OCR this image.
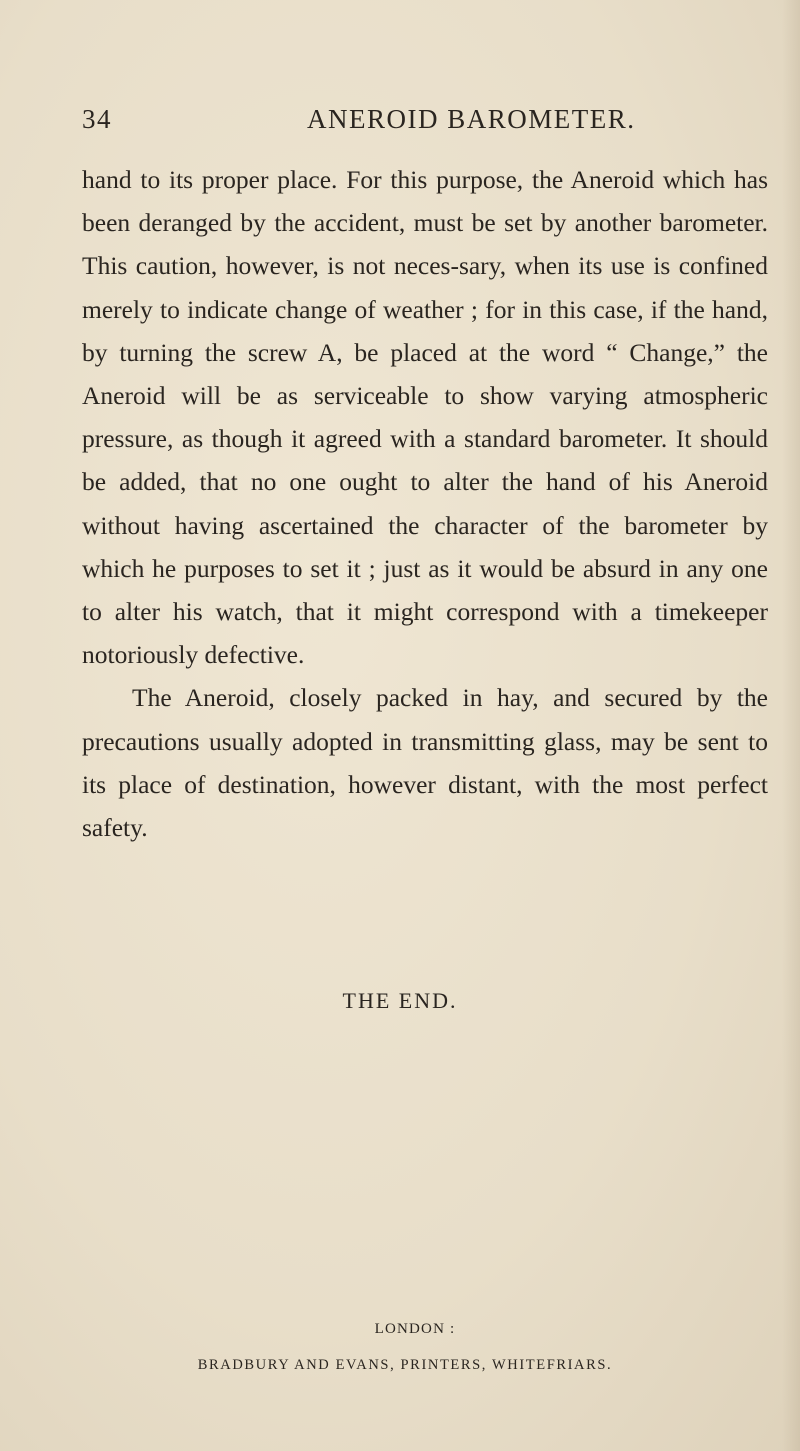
34	ANEROID BAROMETER.

hand to its proper place. For this purpose, the Aneroid which has been deranged by the accident, must be set by another barometer. This caution, however, is not neces-sary, when its use is confined merely to indicate change of weather ; for in this case, if the hand, by turning the screw A, be placed at the word “ Change,” the Aneroid will be as serviceable to show varying atmospheric pressure, as though it agreed with a standard barometer. It should be added, that no one ought to alter the hand of his Aneroid without having ascertained the character of the barometer by which he purposes to set it ; just as it would be absurd in any one to alter his watch, that it might correspond with a timekeeper notoriously defective.

The Aneroid, closely packed in hay, and secured by the precautions usually adopted in transmitting glass, may be sent to its place of destination, however distant, with the most perfect safety.

THE END.
LONDON :
BRADBURY AND EVANS, PRINTERS, WHITEFRIARS.
